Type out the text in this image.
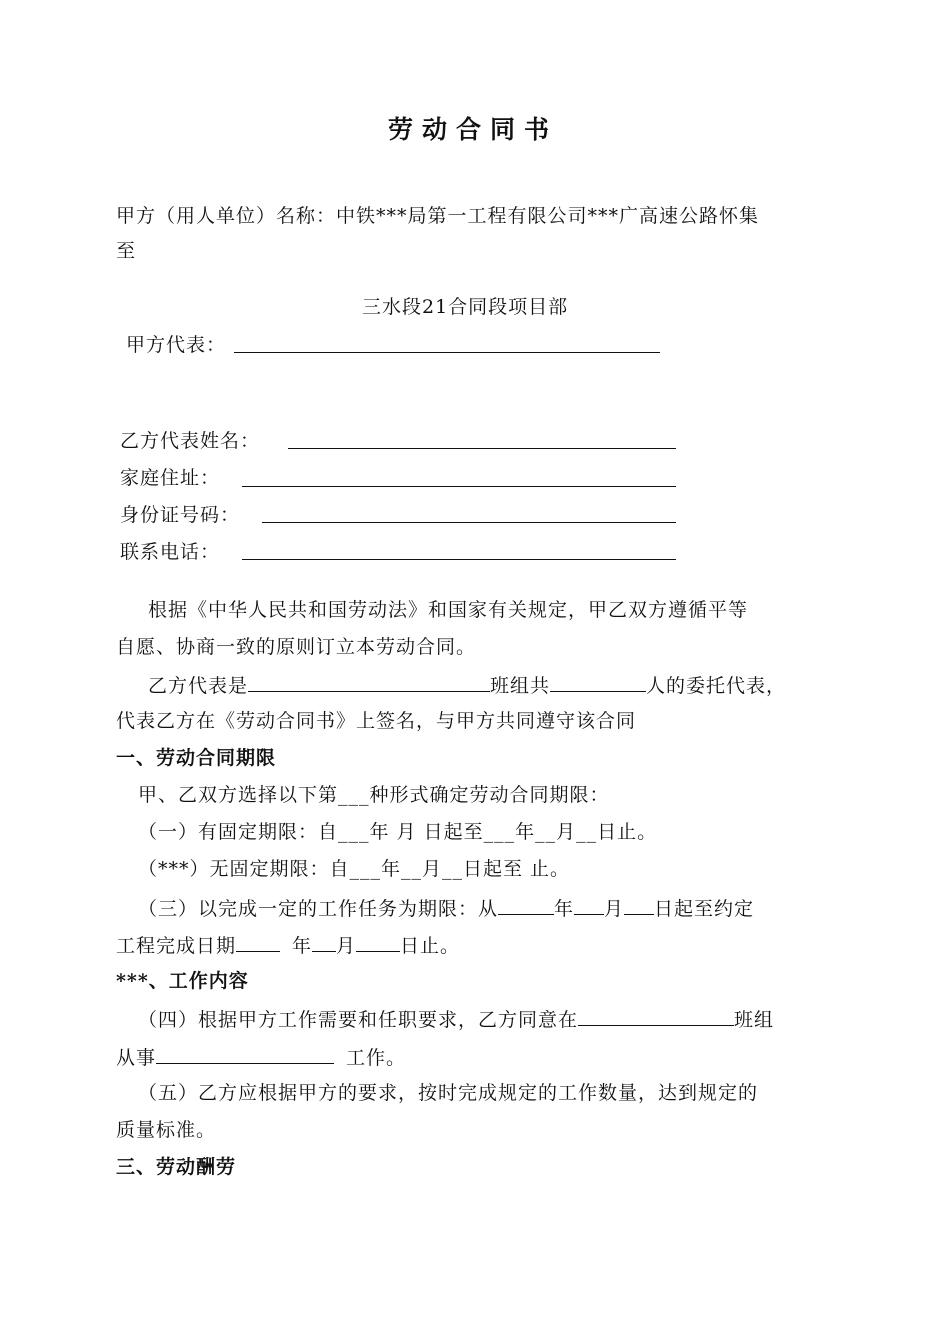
劳动合同书
甲方（用人单位）名称：中铁***局第一工程有限公司***广高速公路怀集
至
三水段21合同段项目部
甲方代表：
乙方代表姓名：
家庭住址：
身份证号码：
联系电话：
根据《中华人民共和国劳动法》和国家有关规定，甲乙双方遵循平等
自愿、协商一致的原则订立本劳动合同。
乙方代表是	班组共	人的委托代表，
代表乙方在《劳动合同书》上签名，与甲方共同遵守该合同
一、劳动合同期限
甲、乙双方选择以下第___种形式确定劳动合同期限：
（一）有固定期限：自___年 月 日起至___年__月__日止。
（***）无固定期限：自___年__月__日起至 止。
（三）以完成一定的工作任务为期限：从	年 月 日起至约定
工程完成日期	年 月 日止。
***、工作内容
（四）根据甲方工作需要和任职要求，乙方同意在	班组
从事	工作。
（五）乙方应根据甲方的要求，按时完成规定的工作数量，达到规定的
质量标准。
三、劳动酬劳
